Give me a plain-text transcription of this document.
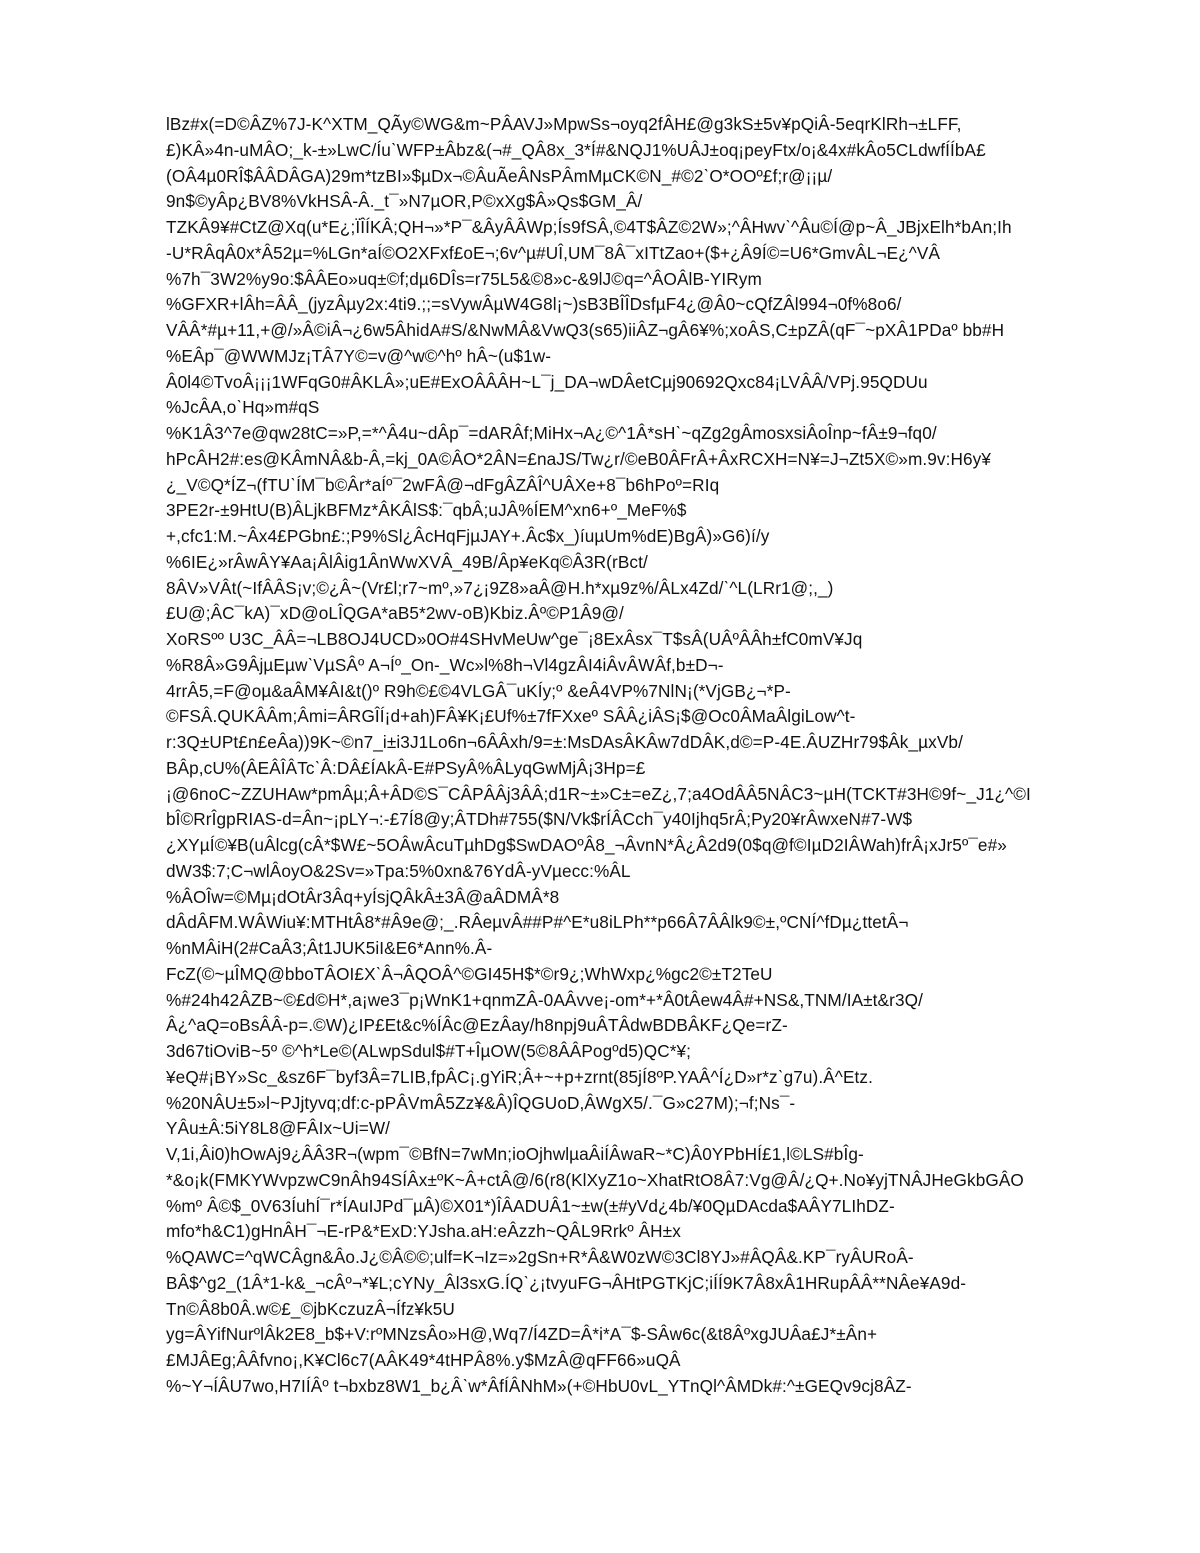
lBz#x(=D©ÂZ%7J-K^XTM_QÃy©WG&m~PÂAVJ»MpwSs¬oyq2fÂH£@g3kS±5v¥pQiÂ-5eqrKlRh¬±LFF,
£)KÂ»4n-uMÂO;_k-±»LwC/ÍuˋWFP±Âbz&(¬#_QÂ8x_3*Í#&NQJ1%UÂJ±oq¡peyFtx/o¡&4x#kÂo5CLdwfÍÍbA£
(OÂ4µ0RÎ$ÂÂDÂGA)29m*tzBI»$µDx¬©ÂuÃeÂNsPÂmMµCK©N_#©2ˋO*OOº£f;r@¡¡µ/
9n$©yÂp¿BV8%VkHSÂ-Â._t¯»N7µOR,P©xXg$Â»Qs$GM_Â/
TZKÂ9¥#CtZ@Xq(u*E¿;ÏÎÍKÂ;QH¬»*P¯&ÂyÂÂWp;Ís9fSÂ,©4T$ÂZ©2W»;^ÂHwvˋ^Âu©Í@p~Â_JBjxElh*bAn;Ih
-U*RÂqÂ0x*Â52µ=%LGn*aÍ©O2XFxf£oE¬;6v^µ#UÎ,UM¯8Â¯xITtZao+($+¿Â9Í©=U6*GmvÂL¬E¿^VÂ
%7h¯3W2%y9o:$ÂÂEo»uq±©f;dµ6DÎs=r75L5&©8»c-&9lJ©q=^ÂOÂlB-YIRym
%GFXR+lÂh=ÂÂ_(jyzÂµy2x:4ti9.;;=sVywÂµW4G8l¡~)sB3BÎÎDsfµF4¿@Â0~cQfZÂl994¬0f%8o6/
VÂÂ*#µ+11,+@/»Â©iÂ¬¿6w5ÂhidA#S/&NwMÂ&VwQ3(s65)iiÂZ¬gÂ6¥%;xoÂS,C±pZÂ(qF¯~pXÂ1PDaº bb#H
%EÂp¯@WWMJz¡TÂ7Y©=v@^w©^hº hÂ~(u$1w-
Â0l4©TvoÂ¡¡¡1WFqG0#ÂKLÂ»;uE#ExOÂÂÂH~L¯j_DA¬wDÂetCµj90692Qxc84¡LVÂÂ/VPj.95QDUu
%JcÂA,oˋHq»m#qS
%K1Â3^7e@qw28tC=»P,=*^Â4u~dÂp¯=dARÂf;MiHx¬A¿©^1Â*sHˋ~qZg2gÂmosxsiÂoÎnp~fÂ±9¬fq0/
hPcÂH2#:es@KÂmNÂ&b-Â,=kj_0A©ÂO*2ÂN=£naJS/Tw¿r/©eB0ÂFrÂ+ÂxRCXH=N¥=J¬Zt5X©»m.9v:H6y¥
¿_V©Q*ÍZ¬(fTUˋÍM¯b©Âr*aÍº¯2wFÂ@¬dFgÂZÂÎ^UÂXe+8¯b6hPoº=RIq
3PE2r-±9HtU(B)ÂLjkBFMz*ÂKÂlS$:¯qbÂ;uJÂ%ÍEM^xn6+º_MeF%$
+,cfc1:M.~Âx4£PGbn£:;P9%Sl¿ÂcHqFjµJAY+.Âc$x_)íuµUm%dE)BgÂ)»G6)í/y
%6IE¿»rÂwÂY¥Aa¡ÂlÂig1ÂnWwXVÂ_49B/Âp¥eKq©Â3R(rBct/
8ÂV»VÂt(~IfÂÂS¡v;©¿Â~(Vr£l;r7~mº,»7¿¡9Z8»aÂ@H.h*xµ9z%/ÂLx4Zd/ˋ^L(LRr1@;,_)
£U@;ÂC¯kA)¯xD@oLÎQGA*aB5*2wv-oB)Kbiz.Âº©P1Â9@/
XoRSºº U3C_ÂÂ=¬LB8OJ4UCD»0O#4SHvMeUw^ge¯¡8ExÂsx¯T$sÂ(UÂºÂÂh±fC0mV¥Jq
%R8Â»G9ÂjµEµwˋVµSÂº A¬Íº_On-_Wc»l%8h¬Vl4gzÂI4iÂvÂWÂf,b±D¬-
4rrÂ5,=F@oµ&aÂM¥ÂI&t()º R9h©£©4VLGÂ¯uKÍy;º &eÂ4VP%7NlN¡(*VjGB¿¬*P-
©FSÂ.QUKÂÂm;Âmi=ÂRGÎÍ¡d+ah)FÂ¥K¡£Uf%±7fFXxeº SÂÂ¿iÂS¡$@Oc0ÂMaÂlgiLow^t-
r:3Q±UPt£n£eÂa))9K~©n7_i±i3J1Lo6n¬6ÂÂxh/9=±:MsDAsÂKÂw7dDÂK,d©=P-4E.ÂUZHr79$Âk_µxVb/
BÂp,cU%(ÂEÂÎÂTcˋÂ:DÂ£ÍAkÂ-E#PSyÂ%ÂLyqGwMjÂ¡3Hp=£
¡@6noC~ZZUHAw*pmÂµ;Â+ÂD©S¯CÂPÂÂj3ÂÂ;d1R~±»C±=eZ¿,7;a4OdÂÂ5NÂC3~µH(TCKT#3H©9f~_J1¿^©I
bÎ©RrÎgpRIAS-d=Ân~¡pLY¬:-£7Í8@y;ÂTDh#755($N/Vk$rÍÂCch¯y40Ijhq5rÂ;Py20¥rÂwxeN#7-W$
¿XYµÍ©¥B(uÂlcg(cÂ*$W£~5OÂwÂcuTµhDg$SwDAOºÂ8_¬ÂvnN*Â¿Â2d9(0$q@f©IµD2IÂWah)frÂ¡xJr5º¯e#»
dW3$:7;C¬wlÂoyO&2Sv=»Tpa:5%0xn&76YdÂ-yVµecc:%ÂL
%ÂOÎw=©Mµ¡dOtÂr3Âq+yÍsjQÂkÂ±3Â@aÂDMÂ*8
dÂdÂFM.WÂWiu¥:MTHtÂ8*#Â9e@;_.RÂeµvÂ##P#^E*u8iLPh**p66Â7ÂÂlk9©±,ºCNÍ^fDµ¿ttetÂ¬
%nMÂiH(2#CaÂ3;Ât1JUK5iI&E6*Ann%.Â-
FcZ(©~µÎMQ@bboTÂOI£XˋÂ¬ÂQOÂ^©GI45H$*©r9¿;WhWxp¿%gc2©±T2TeU
%#24h42ÂZB~©£d©H*,a¡we3¯p¡WnK1+qnmZÂ-0AÂvve¡-om*+*Â0tÂew4Â#+NS&,TNM/IA±t&r3Q/
Â¿^aQ=oBsÂÂ-p=.©W)¿IP£Et&c%ÍÂc@EzÂay/h8npj9uÂTÂdwBDBÂKF¿Qe=rZ-
3d67tiOviB~5º ©^h*Le©(ALwpSdul$#T+ÎµOW(5©8ÂÂPogºd5)QC*¥;
¥eQ#¡BY»Sc_&sz6F¯byf3Â=7LIB,fpÂC¡.gYiR;Â+~+p+zrnt(85jÍ8ºP.YAÂ^Í¿D»r*zˋg7u).Â^Etz.
%20NÂU±5»l~PJjtyvq;df:c-pPÂVmÂ5Zz¥&Â)ÎQGUoD,ÂWgX5/.¯G»c27M);¬f;Ns¯-
YÂu±Â:5iY8L8@FÂIx~Ui=W/
V,1i,Âi0)hOwAj9¿ÂÂ3R¬(wpm¯©BfN=7wMn;ioOjhwlµaÂiÍÂwaR~*C)Â0YPbHÍ£1,l©LS#bÎg-
*&o¡k(FMKYWvpzwC9nÂh94SÍÂx±ºK~Â+ctÂ@/6(r8(KlXyZ1o~XhatRtO8Â7:Vg@Â/¿Q+.No¥yjTNÂJHeGkbGÂO
%mº Â©$_0V63ÍuhÍ¯r*ÍAuIJPd¯µÂ)©X01*)ÎÂADUÂ1~±w(±#yVd¿4b/¥0QµDAcda$AÂY7LIhDZ-
mfo*h&C1)gHnÂH¯¬E-rP&*ExD:YJsha.aH:eÂzzh~QÂL9Rrkº ÂH±x
%QAWC=^qWCÂgn&Âo.J¿©Â©©;ulf=K¬Iz=»2gSn+R*Â&W0zW©3Cl8YJ»#ÂQÂ&.KP¯ryÂURoÂ-
BÂ$^g2_(1Â*1-k&_¬cÂº¬*¥L;cYNy_Âl3sxG.ÍQˋ¿¡tvyuFG¬ÂHtPGTKjC;iÍÍ9K7Â8xÂ1HRupÂÂ**NÂe¥A9d-
Tn©Â8b0Â.w©£_©jbKczuzÂ¬Ífz¥k5U
yg=ÂYifNurºlÂk2E8_b$+V:rºMNzsÂo»H@,Wq7/Í4ZD=Â*i*A¯$-SÂw6c(&t8ÂºxgJUÂa£J*±Ân+
£MJÂEg;ÂÂfvno¡,K¥Cl6c7(AÂK49*4tHPÂ8%.y$MzÂ@qFF66»uQÂ
%~Y¬ÍÂU7wo,H7IÍÂº t¬bxbz8W1_b¿Âˋw*ÂfÍÂNhM»(+©HbU0vL_YTnQl^ÂMDk#:^±GEQv9cj8ÂZ-
